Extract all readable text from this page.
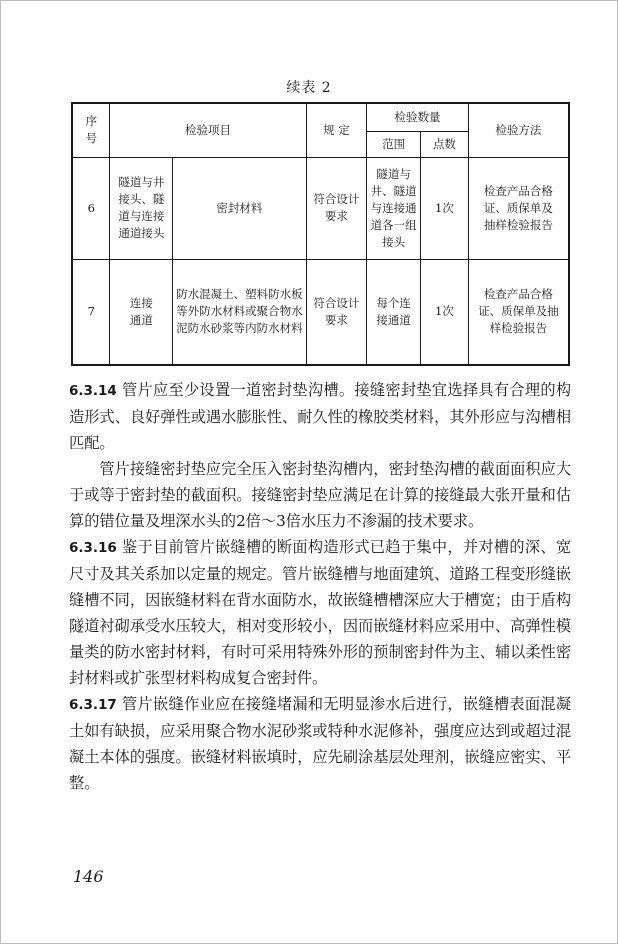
续表 2
序号	检验项目		规 定	检验数量		检验方法
				范围	点数	
6	隧道与井接头、隧道与连接通道接头	密封材料	符合设计要求	隧道与井、隧道与连接通道各一组接头	1次	检查产品合格证、质保单及抽样检验报告
7	连接通道	防水混凝土、塑料防水板等外防水材料或聚合物水泥防水砂浆等内防水材料	符合设计要求	每个连接通道	1次	检查产品合格证、质保单及抽样检验报告

6.3.14 管片应至少设置一道密封垫沟槽。接缝密封垫宜选择具有合理的构造形式、良好弹性或遇水膨胀性、耐久性的橡胶类材料，其外形应与沟槽相匹配。

管片接缝密封垫应完全压入密封垫沟槽内，密封垫沟槽的截面面积应大于或等于密封垫的截面积。接缝密封垫应满足在计算的接缝最大张开量和估算的错位量及埋深水头的2倍～3倍水压力不渗漏的技术要求。

6.3.16 鉴于目前管片嵌缝槽的断面构造形式已趋于集中，并对槽的深、宽尺寸及其关系加以定量的规定。管片嵌缝槽与地面建筑、道路工程变形缝嵌缝槽不同，因嵌缝材料在背水面防水，故嵌缝槽槽深应大于槽宽；由于盾构隧道衬砌承受水压较大，相对变形较小，因而嵌缝材料应采用中、高弹性模量类的防水密封材料，有时可采用特殊外形的预制密封件为主、辅以柔性密封材料或扩张型材料构成复合密封件。

6.3.17 管片嵌缝作业应在接缝堵漏和无明显渗水后进行，嵌缝槽表面混凝土如有缺损，应采用聚合物水泥砂浆或特种水泥修补，强度应达到或超过混凝土本体的强度。嵌缝材料嵌填时，应先刷涂基层处理剂，嵌缝应密实、平整。

146
